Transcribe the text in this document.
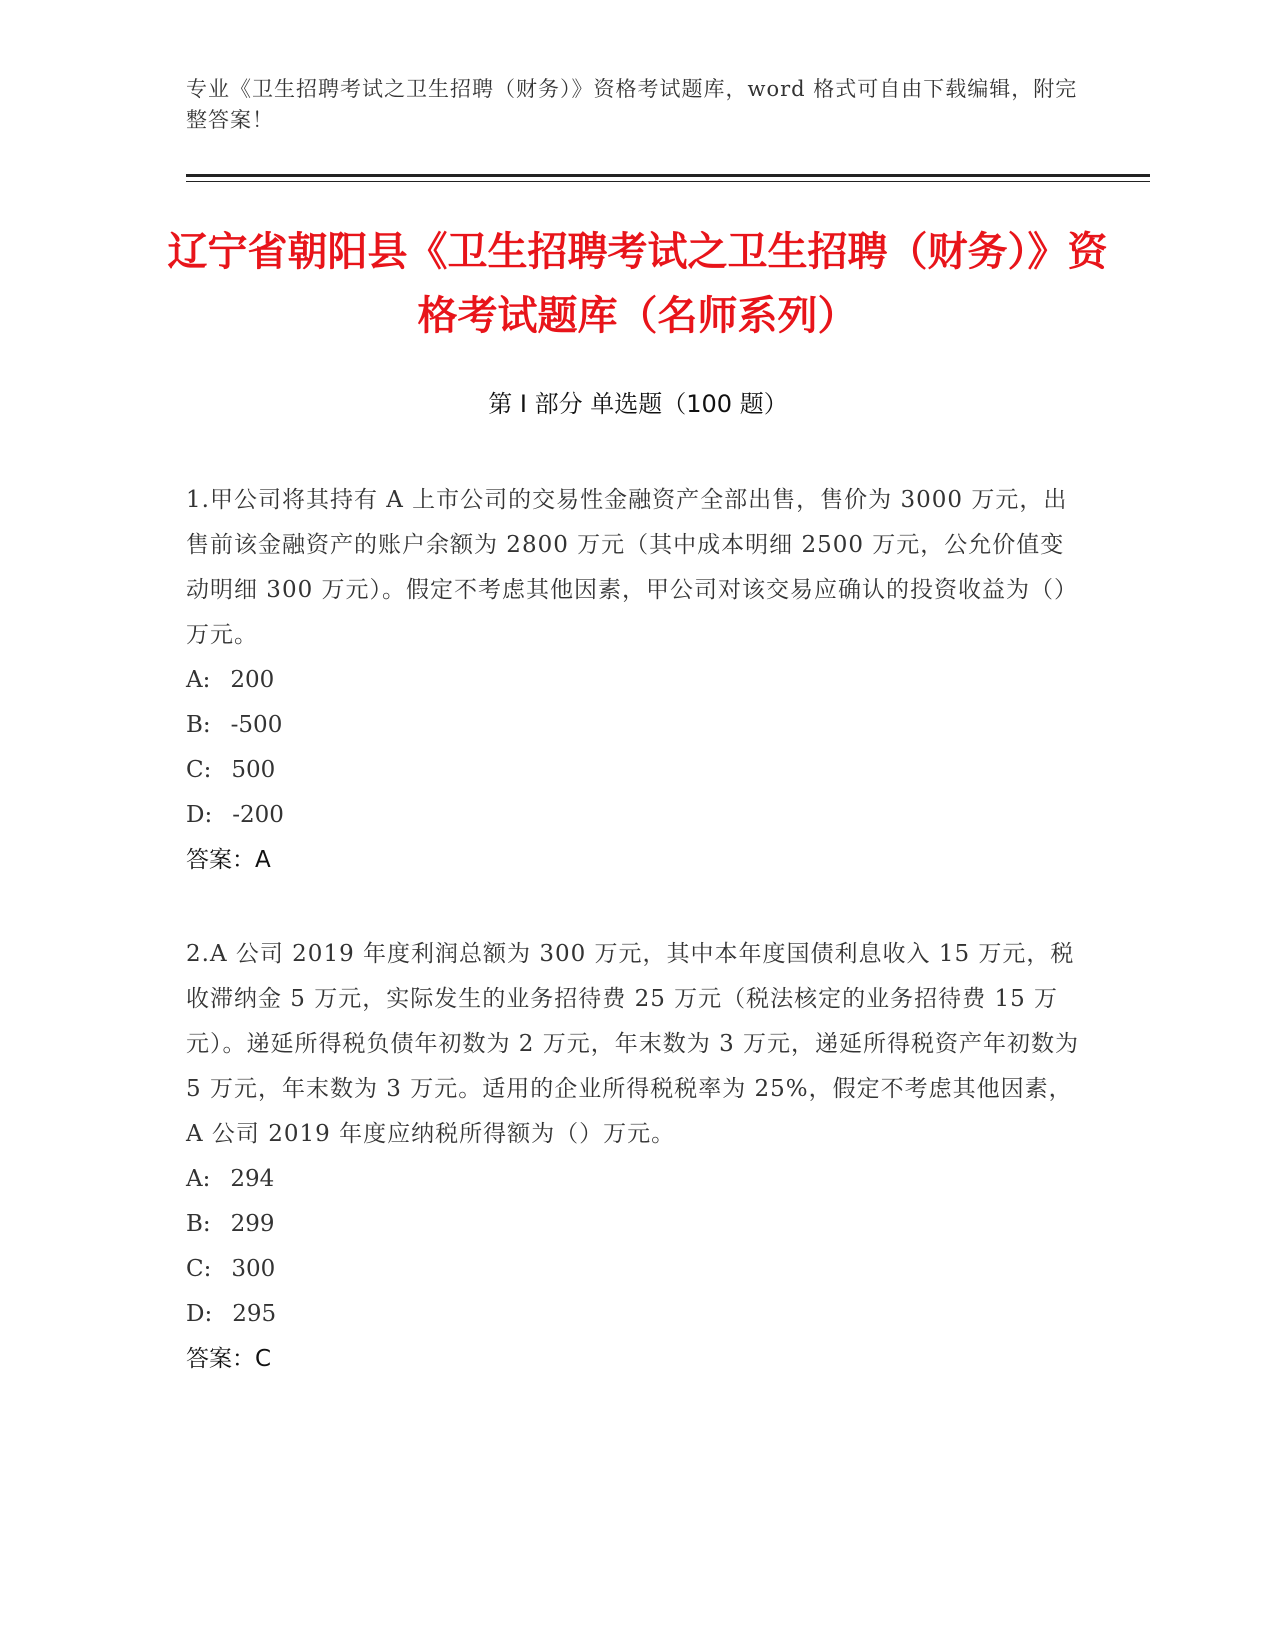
专业《卫生招聘考试之卫生招聘（财务）》资格考试题库，word 格式可自由下载编辑，附完整答案！
辽宁省朝阳县《卫生招聘考试之卫生招聘（财务）》资格考试题库（名师系列）
第 I 部分 单选题（100 题）

1.甲公司将其持有 A 上市公司的交易性金融资产全部出售，售价为 3000 万元，出售前该金融资产的账户余额为 2800 万元（其中成本明细 2500 万元，公允价值变动明细 300 万元）。假定不考虑其他因素，甲公司对该交易应确认的投资收益为（）万元。

A: 200
B: -500
C: 500
D: -200

答案：A

2.A 公司 2019 年度利润总额为 300 万元，其中本年度国债利息收入 15 万元，税收滞纳金 5 万元，实际发生的业务招待费 25 万元（税法核定的业务招待费 15 万元）。递延所得税负债年初数为 2 万元，年末数为 3 万元，递延所得税资产年初数为 5 万元，年末数为 3 万元。适用的企业所得税税率为 25%，假定不考虑其他因素，A 公司 2019 年度应纳税所得额为（）万元。

A: 294
B: 299
C: 300
D: 295

答案：C
